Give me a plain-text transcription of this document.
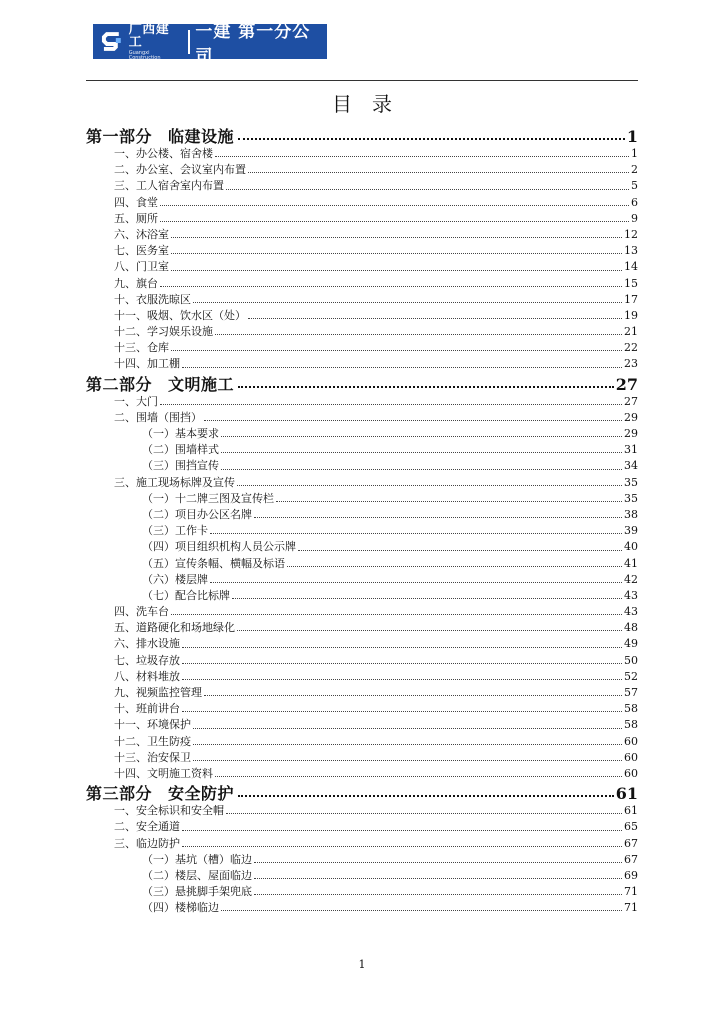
广西建工
Guangxi Construction
一建 第一分公司
目录
第一部分 临建设施	1
一、办公楼、宿舍楼	1
二、办公室、会议室内布置	2
三、工人宿舍室内布置	5
四、食堂	6
五、厕所	9
六、沐浴室	12
七、医务室	13
八、门卫室	14
九、旗台	15
十、衣服洗晾区	17
十一、吸烟、饮水区（处）	19
十二、学习娱乐设施	21
十三、仓库	22
十四、加工棚	23
第二部分 文明施工	27
一、大门	27
二、围墙（围挡）	29
（一）基本要求	29
（二）围墙样式	31
（三）围挡宣传	34
三、施工现场标牌及宣传	35
（一）十二牌三图及宣传栏	35
（二）项目办公区名牌	38
（三）工作卡	39
（四）项目组织机构人员公示牌	40
（五）宣传条幅、横幅及标语	41
（六）楼层牌	42
（七）配合比标牌	43
四、洗车台	43
五、道路硬化和场地绿化	48
六、排水设施	49
七、垃圾存放	50
八、材料堆放	52
九、视频监控管理	57
十、班前讲台	58
十一、环境保护	58
十二、卫生防疫	60
十三、治安保卫	60
十四、文明施工资料	60
第三部分 安全防护	61
一、安全标识和安全帽	61
二、安全通道	65
三、临边防护	67
（一）基坑（槽）临边	67
（二）楼层、屋面临边	69
（三）悬挑脚手架兜底	71
（四）楼梯临边	71
1
